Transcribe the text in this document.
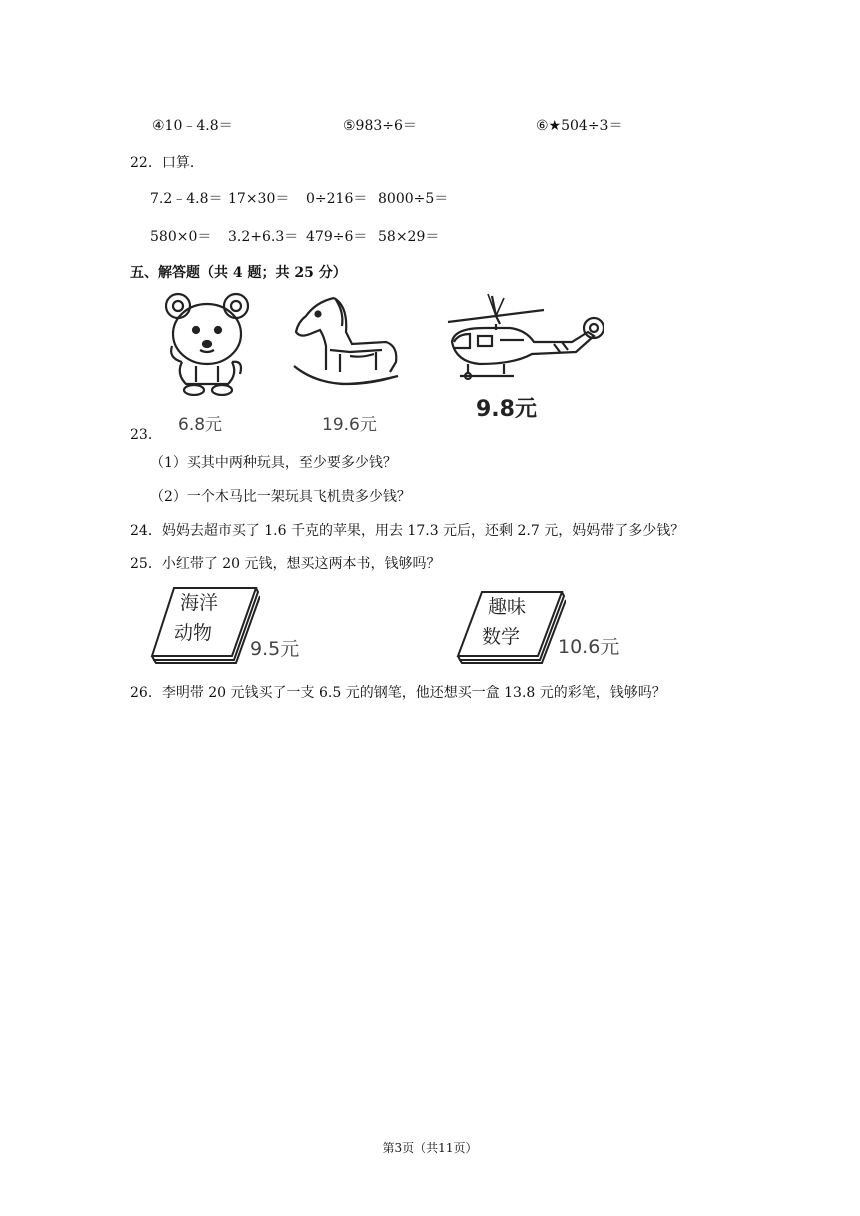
④10﹣4.8＝	⑤983÷6＝	⑥★504÷3＝
22．口算．
7.2﹣4.8＝ 17×30＝ 0÷216＝ 8000÷5＝
580×0＝ 3.2+6.3＝ 479÷6＝ 58×29＝
五、解答题（共 4 题；共 25 分）
6.8元	19.6元
9.8元
23．
（1）买其中两种玩具，至少要多少钱？
（2）一个木马比一架玩具飞机贵多少钱？
24．妈妈去超市买了 1.6 千克的苹果，用去 17.3 元后，还剩 2.7 元，妈妈带了多少钱？
25．小红带了 20 元钱，想买这两本书，钱够吗？
海洋
动物
9.5元
趣味
数学 10.6元
26．李明带 20 元钱买了一支 6.5 元的钢笔，他还想买一盒 13.8 元的彩笔，钱够吗？
第3页（共11页）
